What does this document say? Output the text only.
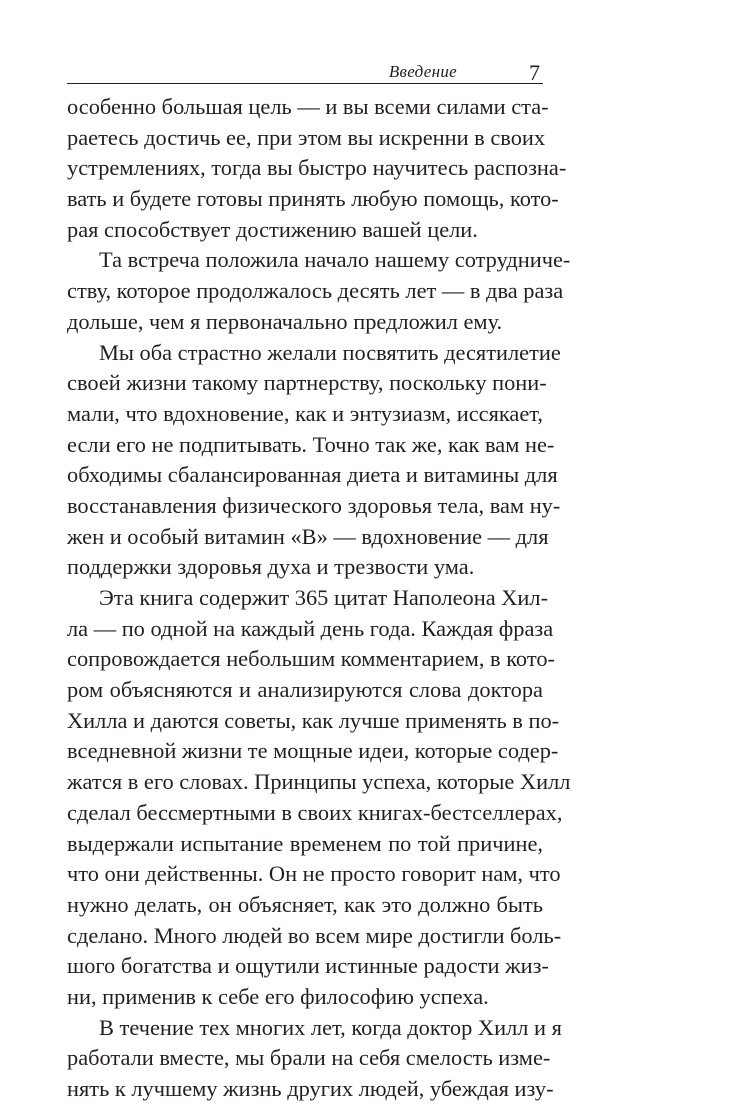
Введение	7
особенно большая цель — и вы всеми силами ста-
раетесь достичь ее, при этом вы искренни в своих
устремлениях, тогда вы быстро научитесь распозна-
вать и будете готовы принять любую помощь, кото-
рая способствует достижению вашей цели.
Та встреча положила начало нашему сотрудниче-
ству, которое продолжалось десять лет — в два раза
дольше, чем я первоначально предложил ему.
Мы оба страстно желали посвятить десятилетие
своей жизни такому партнерству, поскольку пони-
мали, что вдохновение, как и энтузиазм, иссякает,
если его не подпитывать. Точно так же, как вам не-
обходимы сбалансированная диета и витамины для
восстанавления физического здоровья тела, вам ну-
жен и особый витамин «В» — вдохновение — для
поддержки здоровья духа и трезвости ума.
Эта книга содержит 365 цитат Наполеона Хил-
ла — по одной на каждый день года. Каждая фраза
сопровождается небольшим комментарием, в кото-
ром объясняются и анализируются слова доктора
Хилла и даются советы, как лучше применять в по-
вседневной жизни те мощные идеи, которые содер-
жатся в его словах. Принципы успеха, которые Хилл
сделал бессмертными в своих книгах-бестселлерах,
выдержали испытание временем по той причине,
что они действенны. Он не просто говорит нам, что
нужно делать, он объясняет, как это должно быть
сделано. Много людей во всем мире достигли боль-
шого богатства и ощутили истинные радости жиз-
ни, применив к себе его философию успеха.
В течение тех многих лет, когда доктор Хилл и я
работали вместе, мы брали на себя смелость изме-
нять к лучшему жизнь других людей, убеждая изу-
